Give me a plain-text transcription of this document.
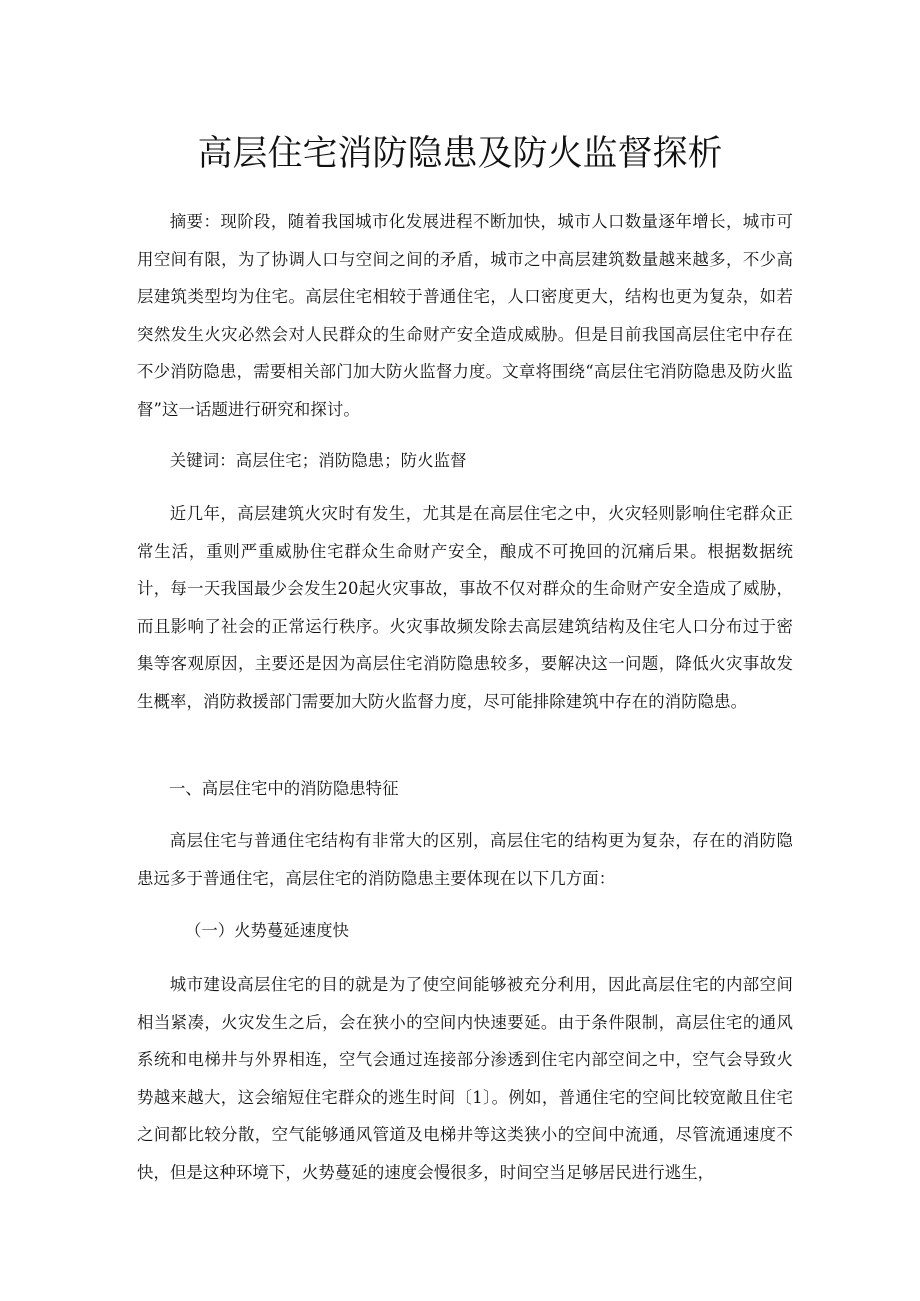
高层住宅消防隐患及防火监督探析

摘要：现阶段，随着我国城市化发展进程不断加快，城市人口数量逐年增长，城市可用空间有限，为了协调人口与空间之间的矛盾，城市之中高层建筑数量越来越多，不少高层建筑类型均为住宅。高层住宅相较于普通住宅，人口密度更大，结构也更为复杂，如若突然发生火灾必然会对人民群众的生命财产安全造成威胁。但是目前我国高层住宅中存在不少消防隐患，需要相关部门加大防火监督力度。文章将围绕“高层住宅消防隐患及防火监督”这一话题进行研究和探讨。

关键词：高层住宅；消防隐患；防火监督

近几年，高层建筑火灾时有发生，尤其是在高层住宅之中，火灾轻则影响住宅群众正常生活，重则严重威胁住宅群众生命财产安全，酿成不可挽回的沉痛后果。根据数据统计，每一天我国最少会发生20起火灾事故，事故不仅对群众的生命财产安全造成了威胁，而且影响了社会的正常运行秩序。火灾事故频发除去高层建筑结构及住宅人口分布过于密集等客观原因，主要还是因为高层住宅消防隐患较多，要解决这一问题，降低火灾事故发生概率，消防救援部门需要加大防火监督力度，尽可能排除建筑中存在的消防隐患。

一、高层住宅中的消防隐患特征

高层住宅与普通住宅结构有非常大的区别，高层住宅的结构更为复杂，存在的消防隐患远多于普通住宅，高层住宅的消防隐患主要体现在以下几方面：

（一）火势蔓延速度快

城市建设高层住宅的目的就是为了使空间能够被充分利用，因此高层住宅的内部空间相当紧凑，火灾发生之后，会在狭小的空间内快速要延。由于条件限制，高层住宅的通风系统和电梯井与外界相连，空气会通过连接部分渗透到住宅内部空间之中，空气会导致火势越来越大，这会缩短住宅群众的逃生时间〔1〕。例如，普通住宅的空间比较宽敞且住宅之间都比较分散，空气能够通风管道及电梯井等这类狭小的空间中流通，尽管流通速度不快，但是这种环境下，火势蔓延的速度会慢很多，时间空当足够居民进行逃生，
